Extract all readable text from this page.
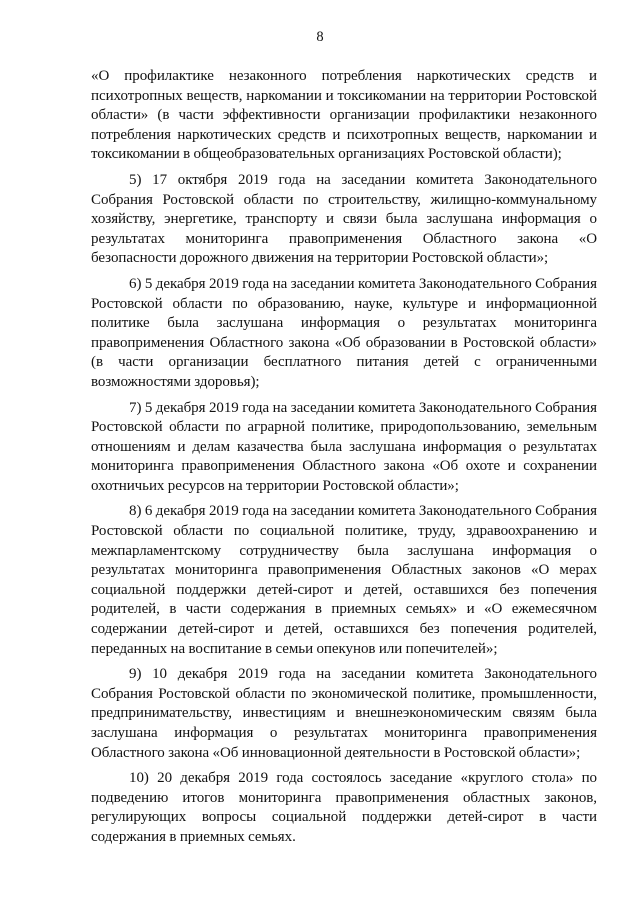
8

«О профилактике незаконного потребления наркотических средств и психотропных веществ, наркомании и токсикомании на территории Ростовской области» (в части эффективности организации профилактики незаконного потребления наркотических средств и психотропных веществ, наркомании и токсикомании в общеобразовательных организациях Ростовской области);

5) 17 октября 2019 года на заседании комитета Законодательного Собрания Ростовской области по строительству, жилищно-коммунальному хозяйству, энергетике, транспорту и связи была заслушана информация о результатах мониторинга правоприменения Областного закона «О безопасности дорожного движения на территории Ростовской области»;

6) 5 декабря 2019 года на заседании комитета Законодательного Собрания Ростовской области по образованию, науке, культуре и информационной политике была заслушана информация о результатах мониторинга правоприменения Областного закона «Об образовании в Ростовской области» (в части организации бесплатного питания детей с ограниченными возможностями здоровья);

7) 5 декабря 2019 года на заседании комитета Законодательного Собрания Ростовской области по аграрной политике, природопользованию, земельным отношениям и делам казачества была заслушана информация о результатах мониторинга правоприменения Областного закона «Об охоте и сохранении охотничьих ресурсов на территории Ростовской области»;

8) 6 декабря 2019 года на заседании комитета Законодательного Собрания Ростовской области по социальной политике, труду, здравоохранению и межпарламентскому сотрудничеству была заслушана информация о результатах мониторинга правоприменения Областных законов «О мерах социальной поддержки детей-сирот и детей, оставшихся без попечения родителей, в части содержания в приемных семьях» и «О ежемесячном содержании детей-сирот и детей, оставшихся без попечения родителей, переданных на воспитание в семьи опекунов или попечителей»;

9) 10 декабря 2019 года на заседании комитета Законодательного Собрания Ростовской области по экономической политике, промышленности, предпринимательству, инвестициям и внешнеэкономическим связям была заслушана информация о результатах мониторинга правоприменения Областного закона «Об инновационной деятельности в Ростовской области»;

10) 20 декабря 2019 года состоялось заседание «круглого стола» по подведению итогов мониторинга правоприменения областных законов, регулирующих вопросы социальной поддержки детей-сирот в части содержания в приемных семьях.
